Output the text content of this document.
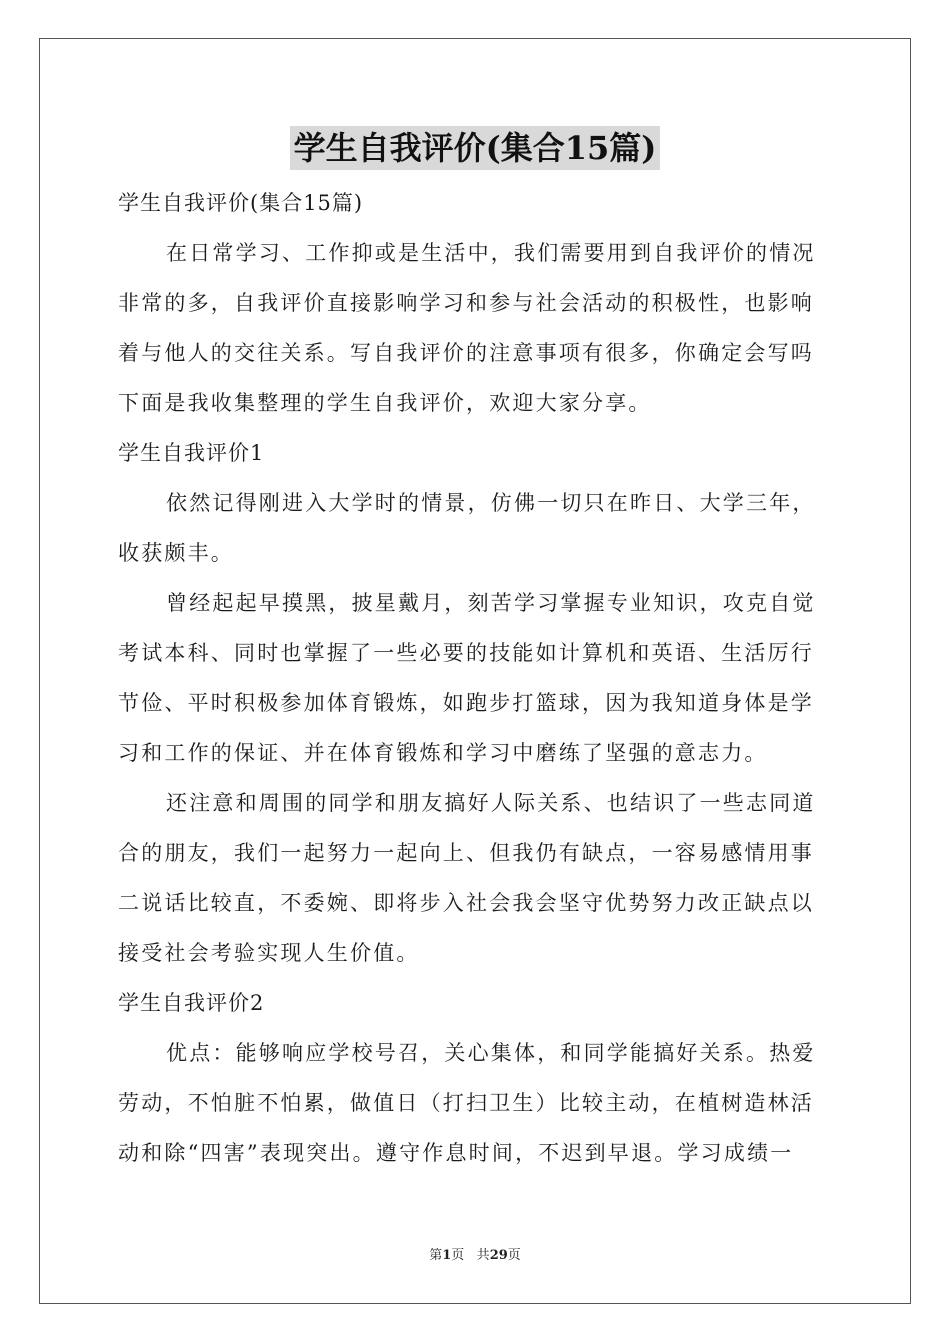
学生自我评价(集合15篇)
学生自我评价(集合15篇)
在日常学习、工作抑或是生活中，我们需要用到自我评价的情况
非常的多，自我评价直接影响学习和参与社会活动的积极性，也影响
着与他人的交往关系。写自我评价的注意事项有很多，你确定会写吗
下面是我收集整理的学生自我评价，欢迎大家分享。
学生自我评价1
依然记得刚进入大学时的情景，仿佛一切只在昨日、大学三年，
收获颇丰。
曾经起起早摸黑，披星戴月，刻苦学习掌握专业知识，攻克自觉
考试本科、同时也掌握了一些必要的技能如计算机和英语、生活厉行
节俭、平时积极参加体育锻炼，如跑步打篮球，因为我知道身体是学
习和工作的保证、并在体育锻炼和学习中磨练了坚强的意志力。
还注意和周围的同学和朋友搞好人际关系、也结识了一些志同道
合的朋友，我们一起努力一起向上、但我仍有缺点，一容易感情用事
二说话比较直，不委婉、即将步入社会我会坚守优势努力改正缺点以
接受社会考验实现人生价值。
学生自我评价2
优点：能够响应学校号召，关心集体，和同学能搞好关系。热爱
劳动，不怕脏不怕累，做值日（打扫卫生）比较主动，在植树造林活
动和除“四害”表现突出。遵守作息时间，不迟到早退。学习成绩一
第1页 共29页
